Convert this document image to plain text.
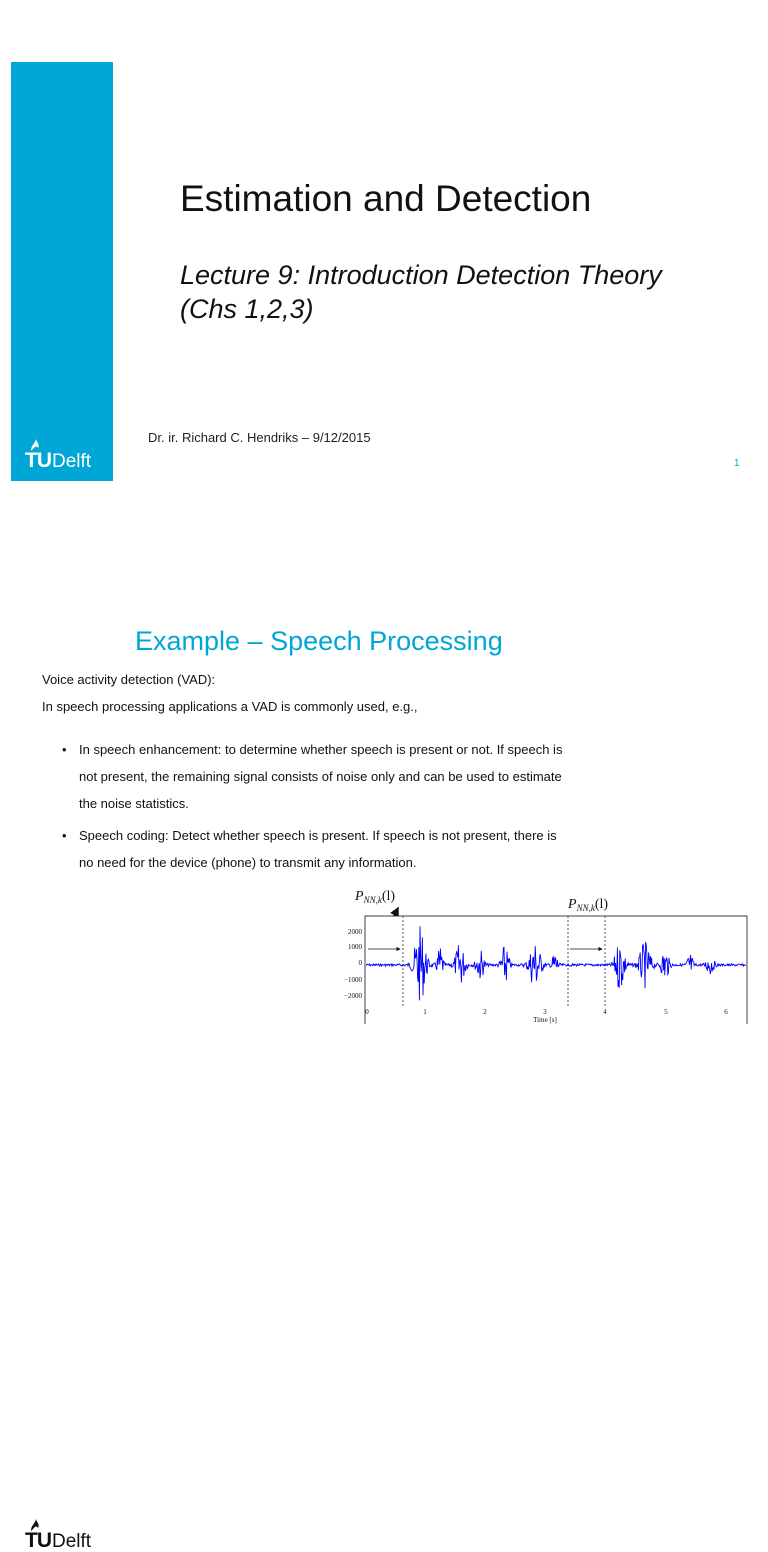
TU Delft
Estimation and Detection
Lecture 9: Introduction Detection Theory
(Chs 1,2,3)
Dr. ir. Richard C. Hendriks – 9/12/2015
1
Example – Speech Processing
Voice activity detection (VAD):
In speech processing applications a VAD is commonly used, e.g.,
• In speech enhancement: to determine whether speech is present or not. If speech is
not present, the remaining signal consists of noise only and can be used to estimate
the noise statistics.
• Speech coding: Detect whether speech is present. If speech is not present, there is
no need for the device (phone) to transmit any information.
$P_{NN,k}(l)$
$P_{NN,k}(l)$
2000
1000
0
−1000
−2000
0	1	2	3	4	5	6
Time [s]
TU Delft
